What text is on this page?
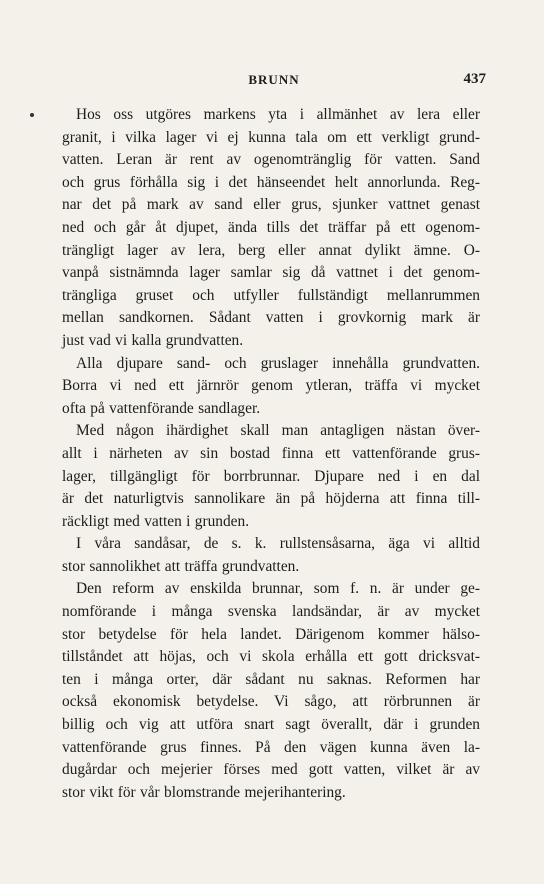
BRUNN	437

Hos oss utgöres markens yta i allmänhet av lera eller
granit, i vilka lager vi ej kunna tala om ett verkligt grund-
vatten. Leran är rent av ogenomtränglig för vatten. Sand
och grus förhålla sig i det hänseendet helt annorlunda. Reg-
nar det på mark av sand eller grus, sjunker vattnet genast
ned och går åt djupet, ända tills det träffar på ett ogenom-
trängligt lager av lera, berg eller annat dylikt ämne. O-
vanpå sistnämnda lager samlar sig då vattnet i det genom-
trängliga gruset och utfyller fullständigt mellanrummen
mellan sandkornen. Sådant vatten i grovkornig mark är
just vad vi kalla grundvatten.

Alla djupare sand- och gruslager innehålla grundvatten.
Borra vi ned ett järnrör genom ytleran, träffa vi mycket
ofta på vattenförande sandlager.

Med någon ihärdighet skall man antagligen nästan över-
allt i närheten av sin bostad finna ett vattenförande grus-
lager, tillgängligt för borrbrunnar. Djupare ned i en dal
är det naturligtvis sannolikare än på höjderna att finna till-
räckligt med vatten i grunden.

I våra sandåsar, de s. k. rullstensåsarna, äga vi alltid
stor sannolikhet att träffa grundvatten.

Den reform av enskilda brunnar, som f. n. är under ge-
nomförande i många svenska landsändar, är av mycket
stor betydelse för hela landet. Därigenom kommer hälso-
tillståndet att höjas, och vi skola erhålla ett gott dricksvat-
ten i många orter, där sådant nu saknas. Reformen har
också ekonomisk betydelse. Vi sågo, att rörbrunnen är
billig och vig att utföra snart sagt överallt, där i grunden
vattenförande grus finnes. På den vägen kunna även la-
dugårdar och mejerier förses med gott vatten, vilket är av
stor vikt för vår blomstrande mejerihantering.
